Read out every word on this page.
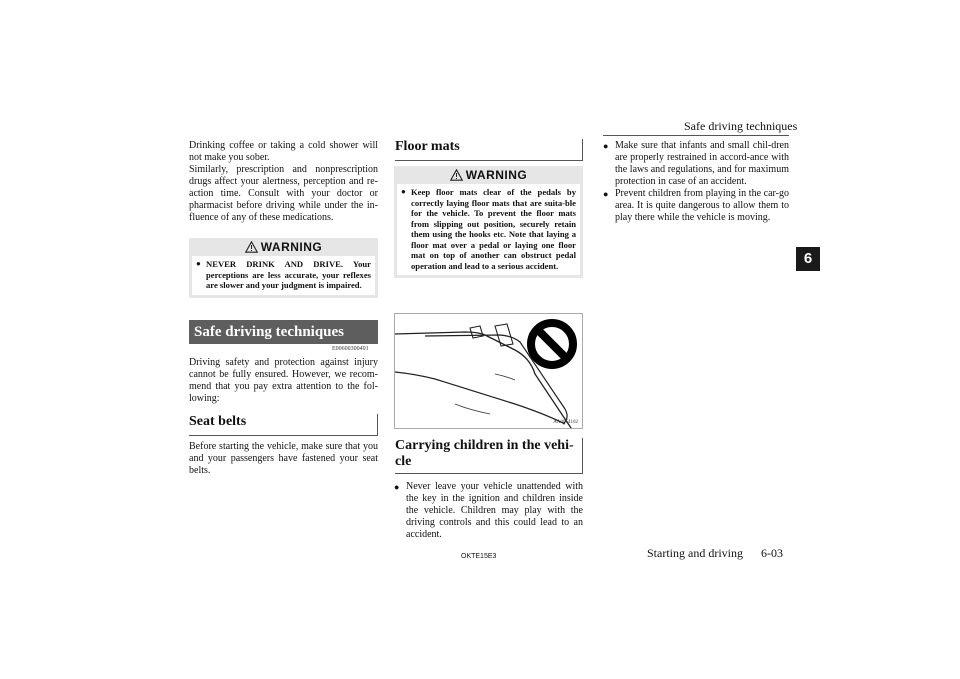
Safe driving techniques
6

Drinking coffee or taking a cold shower will not make you sober.

Similarly, prescription and nonprescription drugs affect your alertness, perception and re-action time. Consult with your doctor or pharmacist before driving while under the in-fluence of any of these medications.

WARNING
● NEVER DRINK AND DRIVE. Your perceptions are less accurate, your reflexes are slower and your judgment is impaired.
Safe driving techniques
E00600300491

Driving safety and protection against injury cannot be fully ensured. However, we recom-mend that you pay extra attention to the fol-lowing:

Seat belts

Before starting the vehicle, make sure that you and your passengers have fastened your seat belts.

Floor mats
WARNING
● Keep floor mats clear of the pedals by correctly laying floor mats that are suita-ble for the vehicle. To prevent the floor mats from slipping out position, securely retain them using the hooks etc. Note that laying a floor mat over a pedal or laying one floor mat on top of another can obstruct pedal operation and lead to a serious accident.
AA0054102
Carrying children in the vehi-cle
● Never leave your vehicle unattended with the key in the ignition and children inside the vehicle. Children may play with the driving controls and this could lead to an accident.
● Make sure that infants and small chil-dren are properly restrained in accord-ance with the laws and regulations, and for maximum protection in case of an accident.
● Prevent children from playing in the car-go area. It is quite dangerous to allow them to play there while the vehicle is moving.
OKTE15E3	Starting and driving 6-03
